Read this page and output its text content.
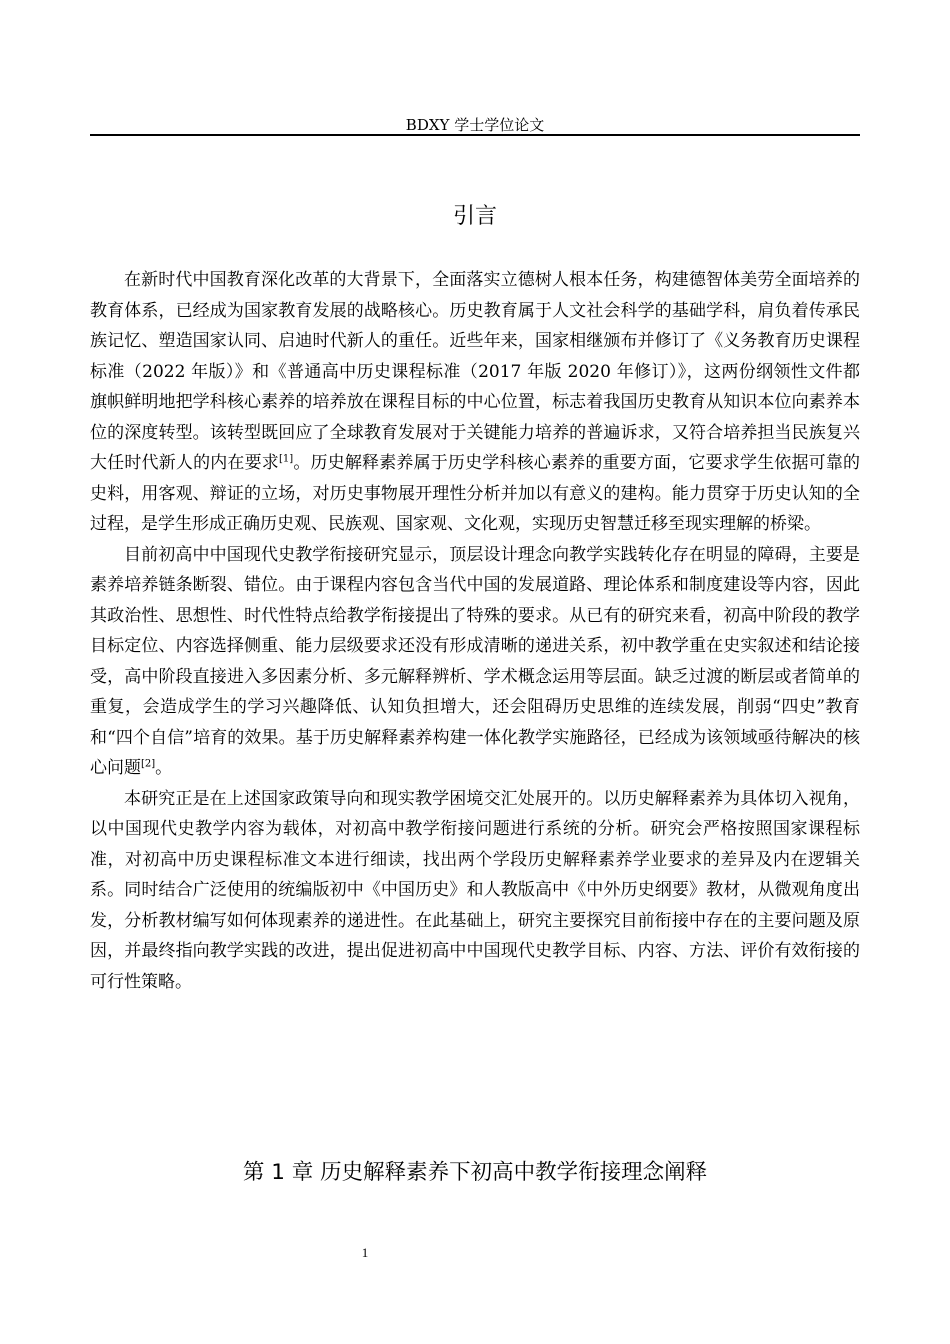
BDXY 学士学位论文
引言

在新时代中国教育深化改革的大背景下，全面落实立德树人根本任务，构建德智体美劳全面培养的教育体系，已经成为国家教育发展的战略核心。历史教育属于人文社会科学的基础学科，肩负着传承民族记忆、塑造国家认同、启迪时代新人的重任。近些年来，国家相继颁布并修订了《义务教育历史课程标准（2022 年版）》和《普通高中历史课程标准（2017 年版 2020 年修订）》，这两份纲领性文件都旗帜鲜明地把学科核心素养的培养放在课程目标的中心位置，标志着我国历史教育从知识本位向素养本位的深度转型。该转型既回应了全球教育发展对于关键能力培养的普遍诉求，又符合培养担当民族复兴大任时代新人的内在要求[1]。历史解释素养属于历史学科核心素养的重要方面，它要求学生依据可靠的史料，用客观、辩证的立场，对历史事物展开理性分析并加以有意义的建构。能力贯穿于历史认知的全过程，是学生形成正确历史观、民族观、国家观、文化观，实现历史智慧迁移至现实理解的桥梁。

目前初高中中国现代史教学衔接研究显示，顶层设计理念向教学实践转化存在明显的障碍，主要是素养培养链条断裂、错位。由于课程内容包含当代中国的发展道路、理论体系和制度建设等内容，因此其政治性、思想性、时代性特点给教学衔接提出了特殊的要求。从已有的研究来看，初高中阶段的教学目标定位、内容选择侧重、能力层级要求还没有形成清晰的递进关系，初中教学重在史实叙述和结论接受，高中阶段直接进入多因素分析、多元解释辨析、学术概念运用等层面。缺乏过渡的断层或者简单的重复，会造成学生的学习兴趣降低、认知负担增大，还会阻碍历史思维的连续发展，削弱“四史”教育和“四个自信”培育的效果。基于历史解释素养构建一体化教学实施路径，已经成为该领域亟待解决的核心问题[2]。

本研究正是在上述国家政策导向和现实教学困境交汇处展开的。以历史解释素养为具体切入视角，以中国现代史教学内容为载体，对初高中教学衔接问题进行系统的分析。研究会严格按照国家课程标准，对初高中历史课程标准文本进行细读，找出两个学段历史解释素养学业要求的差异及内在逻辑关系。同时结合广泛使用的统编版初中《中国历史》和人教版高中《中外历史纲要》教材，从微观角度出发，分析教材编写如何体现素养的递进性。在此基础上，研究主要探究目前衔接中存在的主要问题及原因，并最终指向教学实践的改进，提出促进初高中中国现代史教学目标、内容、方法、评价有效衔接的可行性策略。

第 1 章 历史解释素养下初高中教学衔接理念阐释
1
